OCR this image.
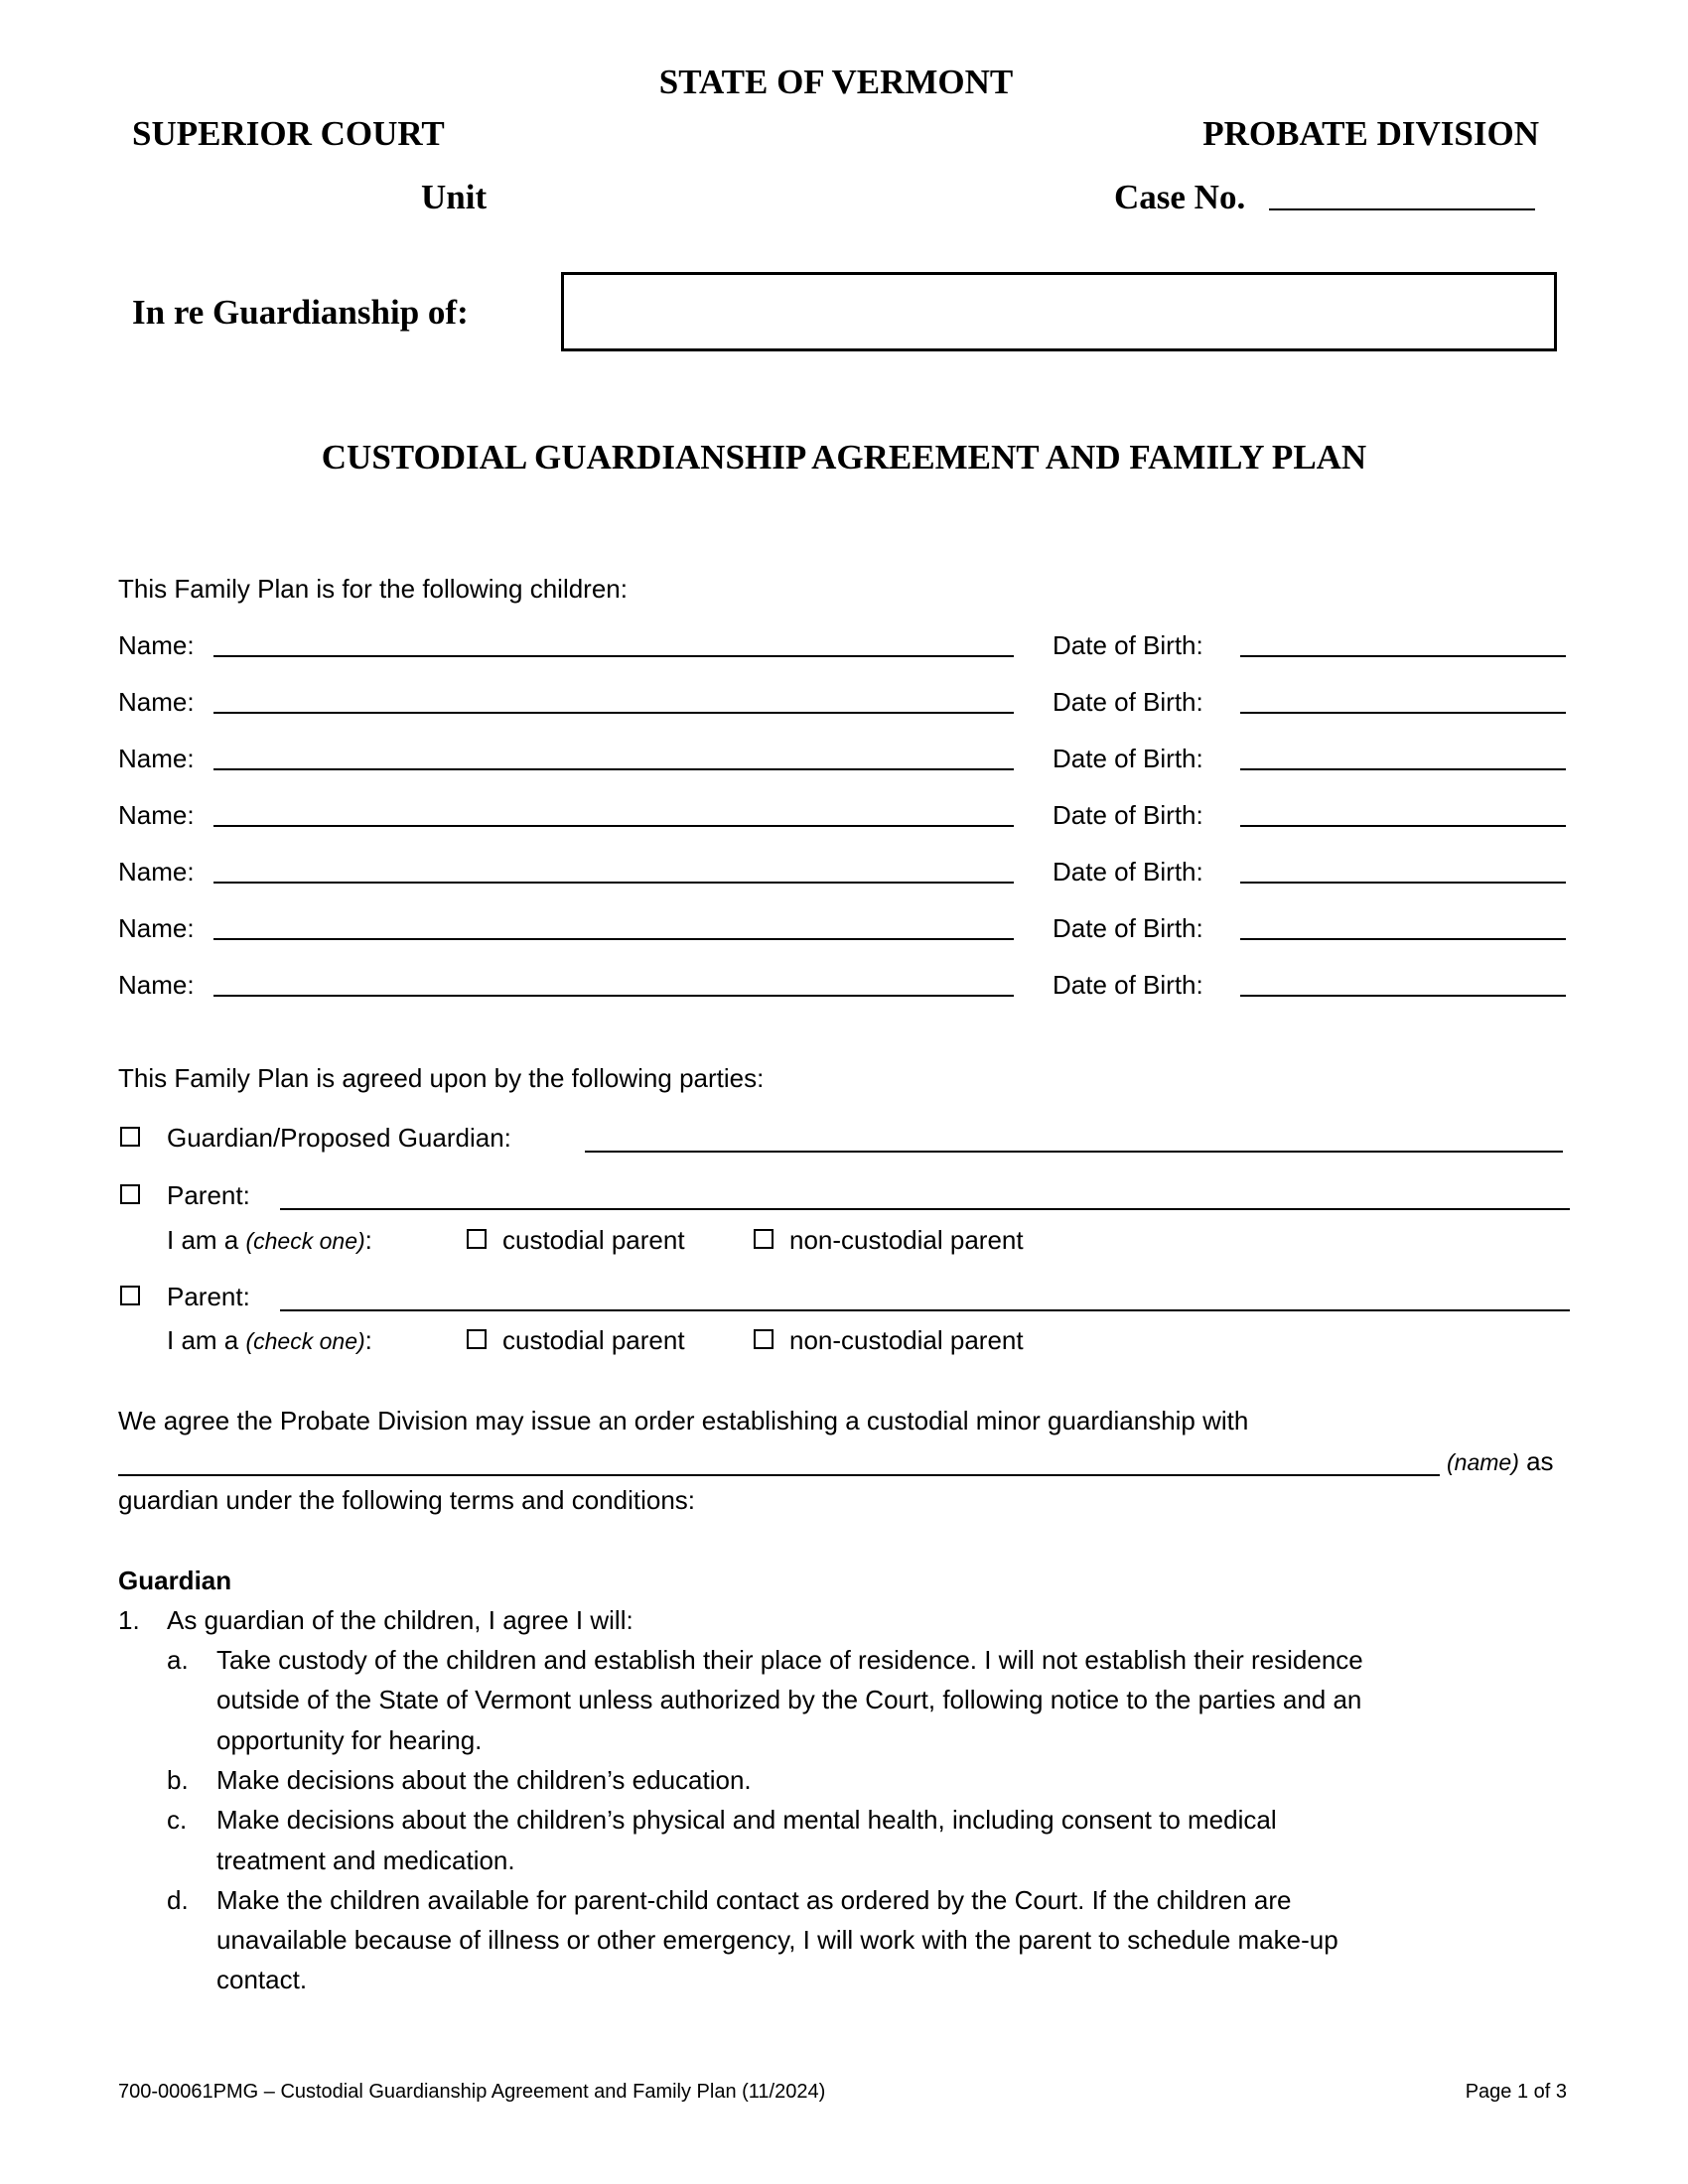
STATE OF VERMONT
SUPERIOR COURT	PROBATE DIVISION
Unit	Case No.
In re Guardianship of:
CUSTODIAL GUARDIANSHIP AGREEMENT AND FAMILY PLAN
This Family Plan is for the following children:
Name:	Date of Birth:
Name:	Date of Birth:
Name:	Date of Birth:
Name:	Date of Birth:
Name:	Date of Birth:
Name:	Date of Birth:
Name:	Date of Birth:
This Family Plan is agreed upon by the following parties:
Guardian/Proposed Guardian:
Parent:
I am a (check one):	custodial parent	non-custodial parent
Parent:
I am a (check one):	custodial parent	non-custodial parent
We agree the Probate Division may issue an order establishing a custodial minor guardianship with
(name) as
guardian under the following terms and conditions:
Guardian
1. As guardian of the children, I agree I will:
a. Take custody of the children and establish their place of residence. I will not establish their residence
outside of the State of Vermont unless authorized by the Court, following notice to the parties and an
opportunity for hearing.
b. Make decisions about the children’s education.
c. Make decisions about the children’s physical and mental health, including consent to medical
treatment and medication.
d. Make the children available for parent-child contact as ordered by the Court. If the children are
unavailable because of illness or other emergency, I will work with the parent to schedule make-up
contact.
700-00061PMG – Custodial Guardianship Agreement and Family Plan (11/2024)	Page 1 of 3
